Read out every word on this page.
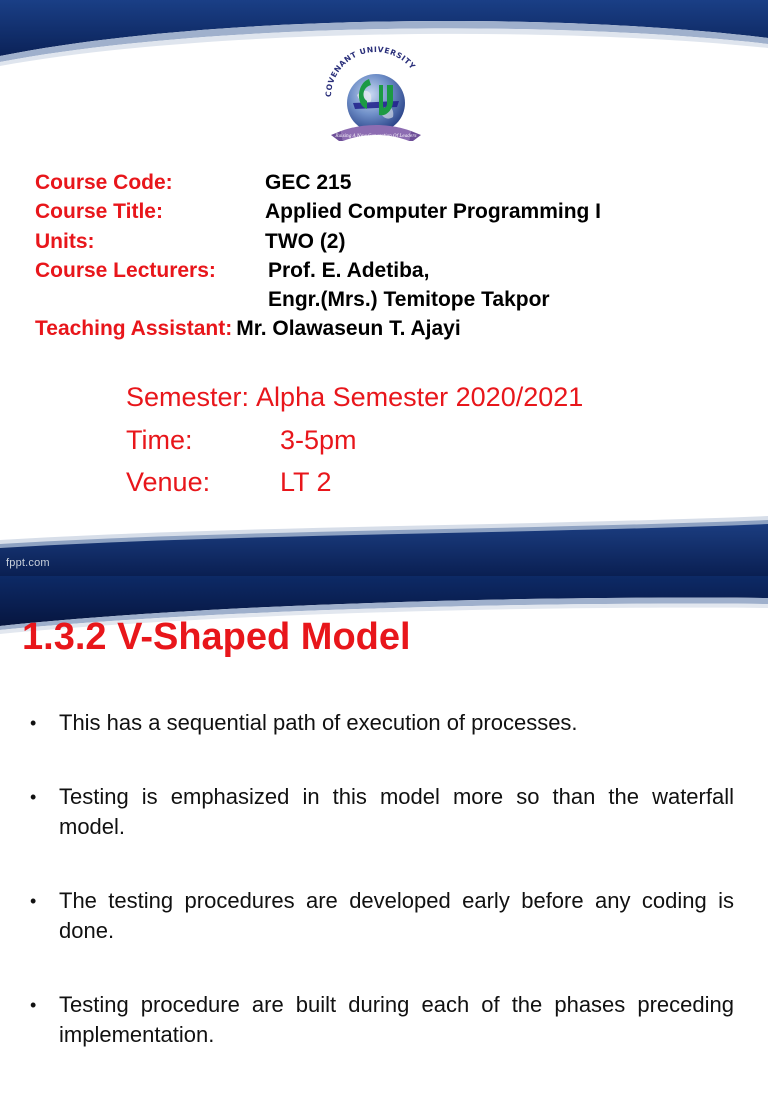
COVENANT UNIVERSITY
Raising A New Generation Of Leaders
Course Code:	GEC 215
Course Title:	Applied Computer Programming I
Units:	TWO (2)
Course Lecturers:	Prof. E. Adetiba,
Engr.(Mrs.) Temitope Takpor
Teaching Assistant: Mr. Olawaseun T. Ajayi
Semester: Alpha Semester 2020/2021
Time:	3-5pm
Venue:	LT 2
fppt.com
1.3.2 V-Shaped Model
•	This has a sequential path of execution of processes.
•	Testing is emphasized in this model more so than the waterfall model.
•	The testing procedures are developed early before any coding is done.
•	Testing procedure are built during each of the phases preceding implementation.
